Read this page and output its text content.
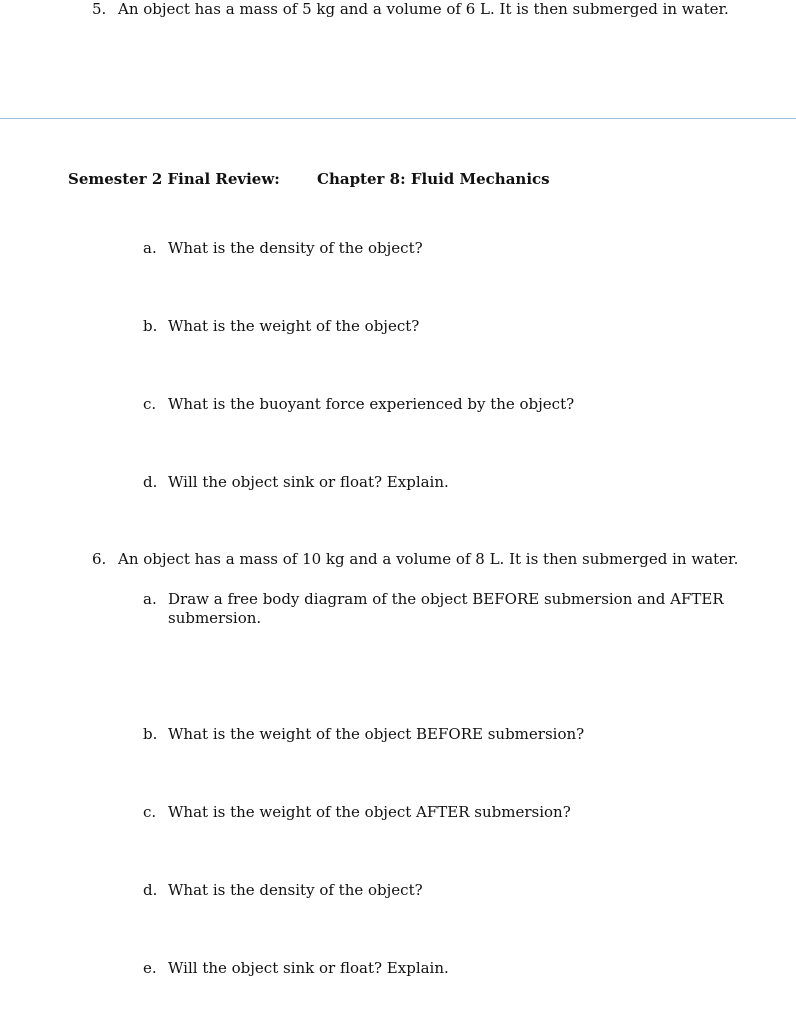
5. An object has a mass of 5 kg and a volume of 6 L. It is then submerged in water.
Semester 2 Final Review: Chapter 8: Fluid Mechanics
a. What is the density of the object?
b. What is the weight of the object?
c. What is the buoyant force experienced by the object?
d. Will the object sink or float? Explain.
6. An object has a mass of 10 kg and a volume of 8 L. It is then submerged in water.
a. Draw a free body diagram of the object BEFORE submersion and AFTER
submersion.
b. What is the weight of the object BEFORE submersion?
c. What is the weight of the object AFTER submersion?
d. What is the density of the object?
e. Will the object sink or float? Explain.
